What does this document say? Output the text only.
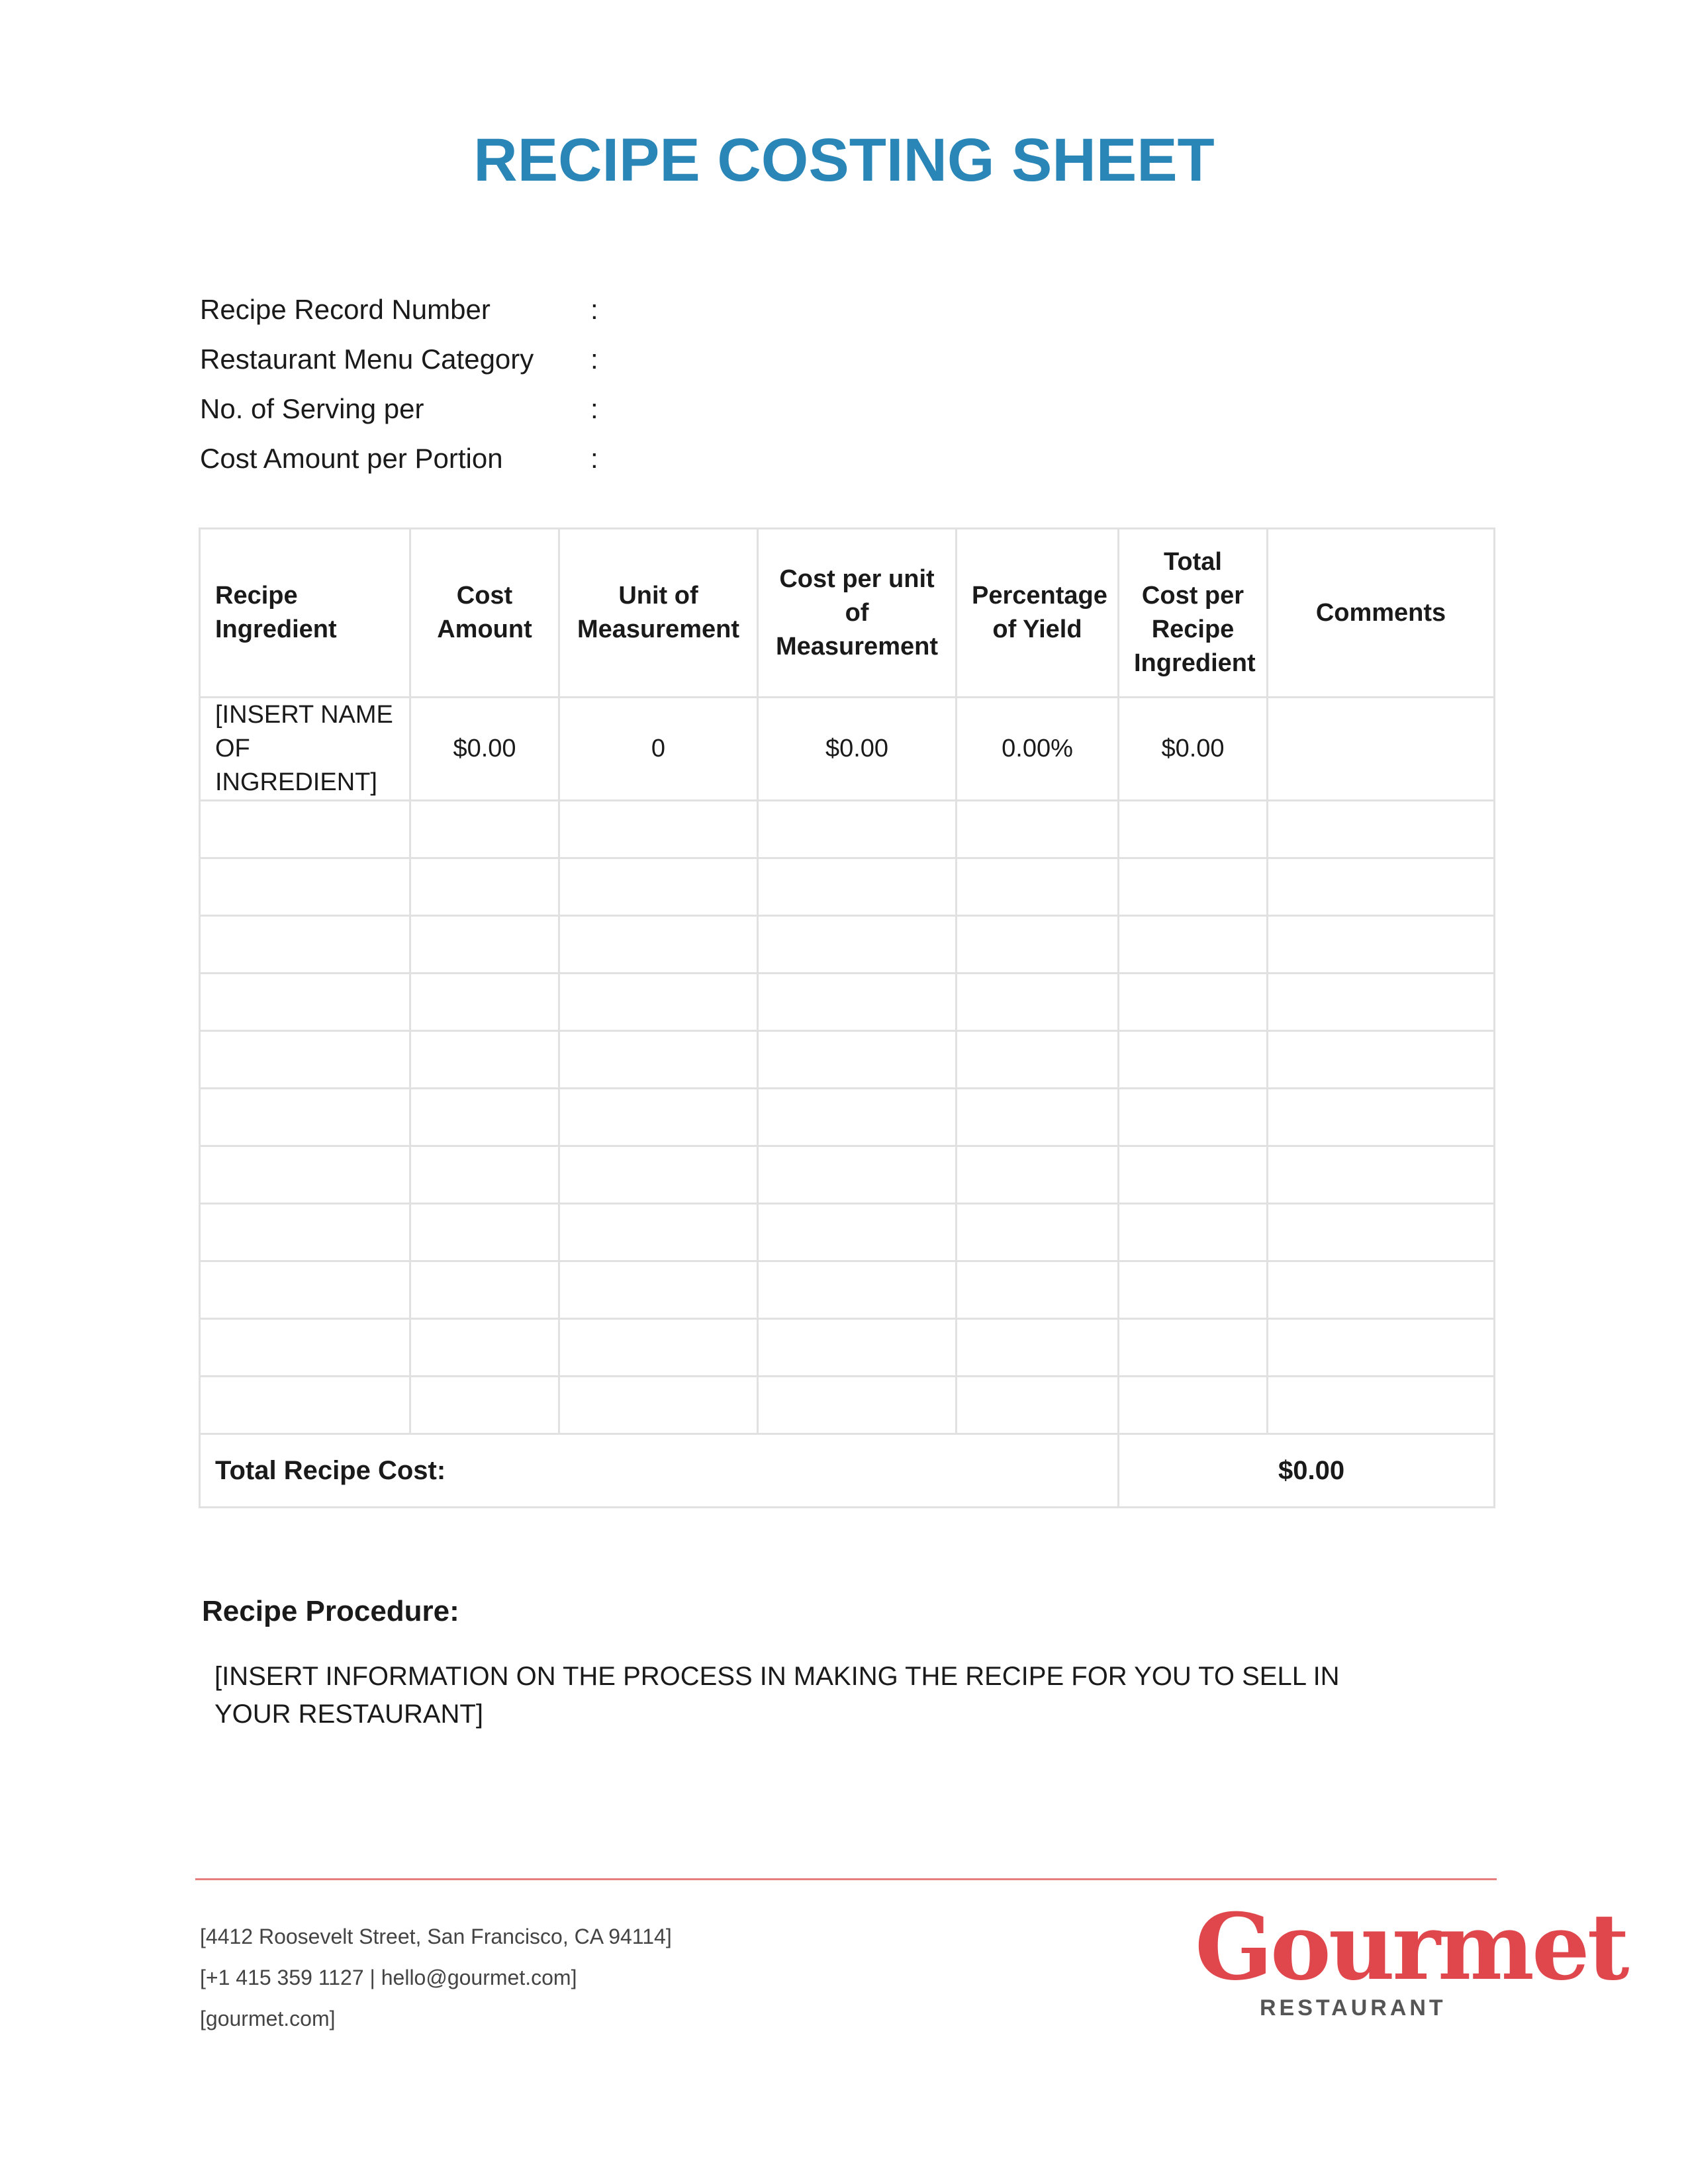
RECIPE COSTING SHEET
Recipe Record Number	:
Restaurant Menu Category	:
No. of Serving per	:
Cost Amount per Portion	:
Recipe Ingredient	Cost Amount	Unit of Measurement	Cost per unit of Measurement	Percentage of Yield	Total Cost per Recipe Ingredient	Comments
[INSERT NAME OF INGREDIENT]	$0.00	0	$0.00	0.00%	$0.00	

Total Recipe Cost:					$0.00	
Recipe Procedure:
[INSERT INFORMATION ON THE PROCESS IN MAKING THE RECIPE FOR YOU TO SELL IN YOUR RESTAURANT]
[4412 Roosevelt Street, San Francisco, CA 94114]
[+1 415 359 1127 | hello@gourmet.com]
[gourmet.com]
Gourmet
RESTAURANT
